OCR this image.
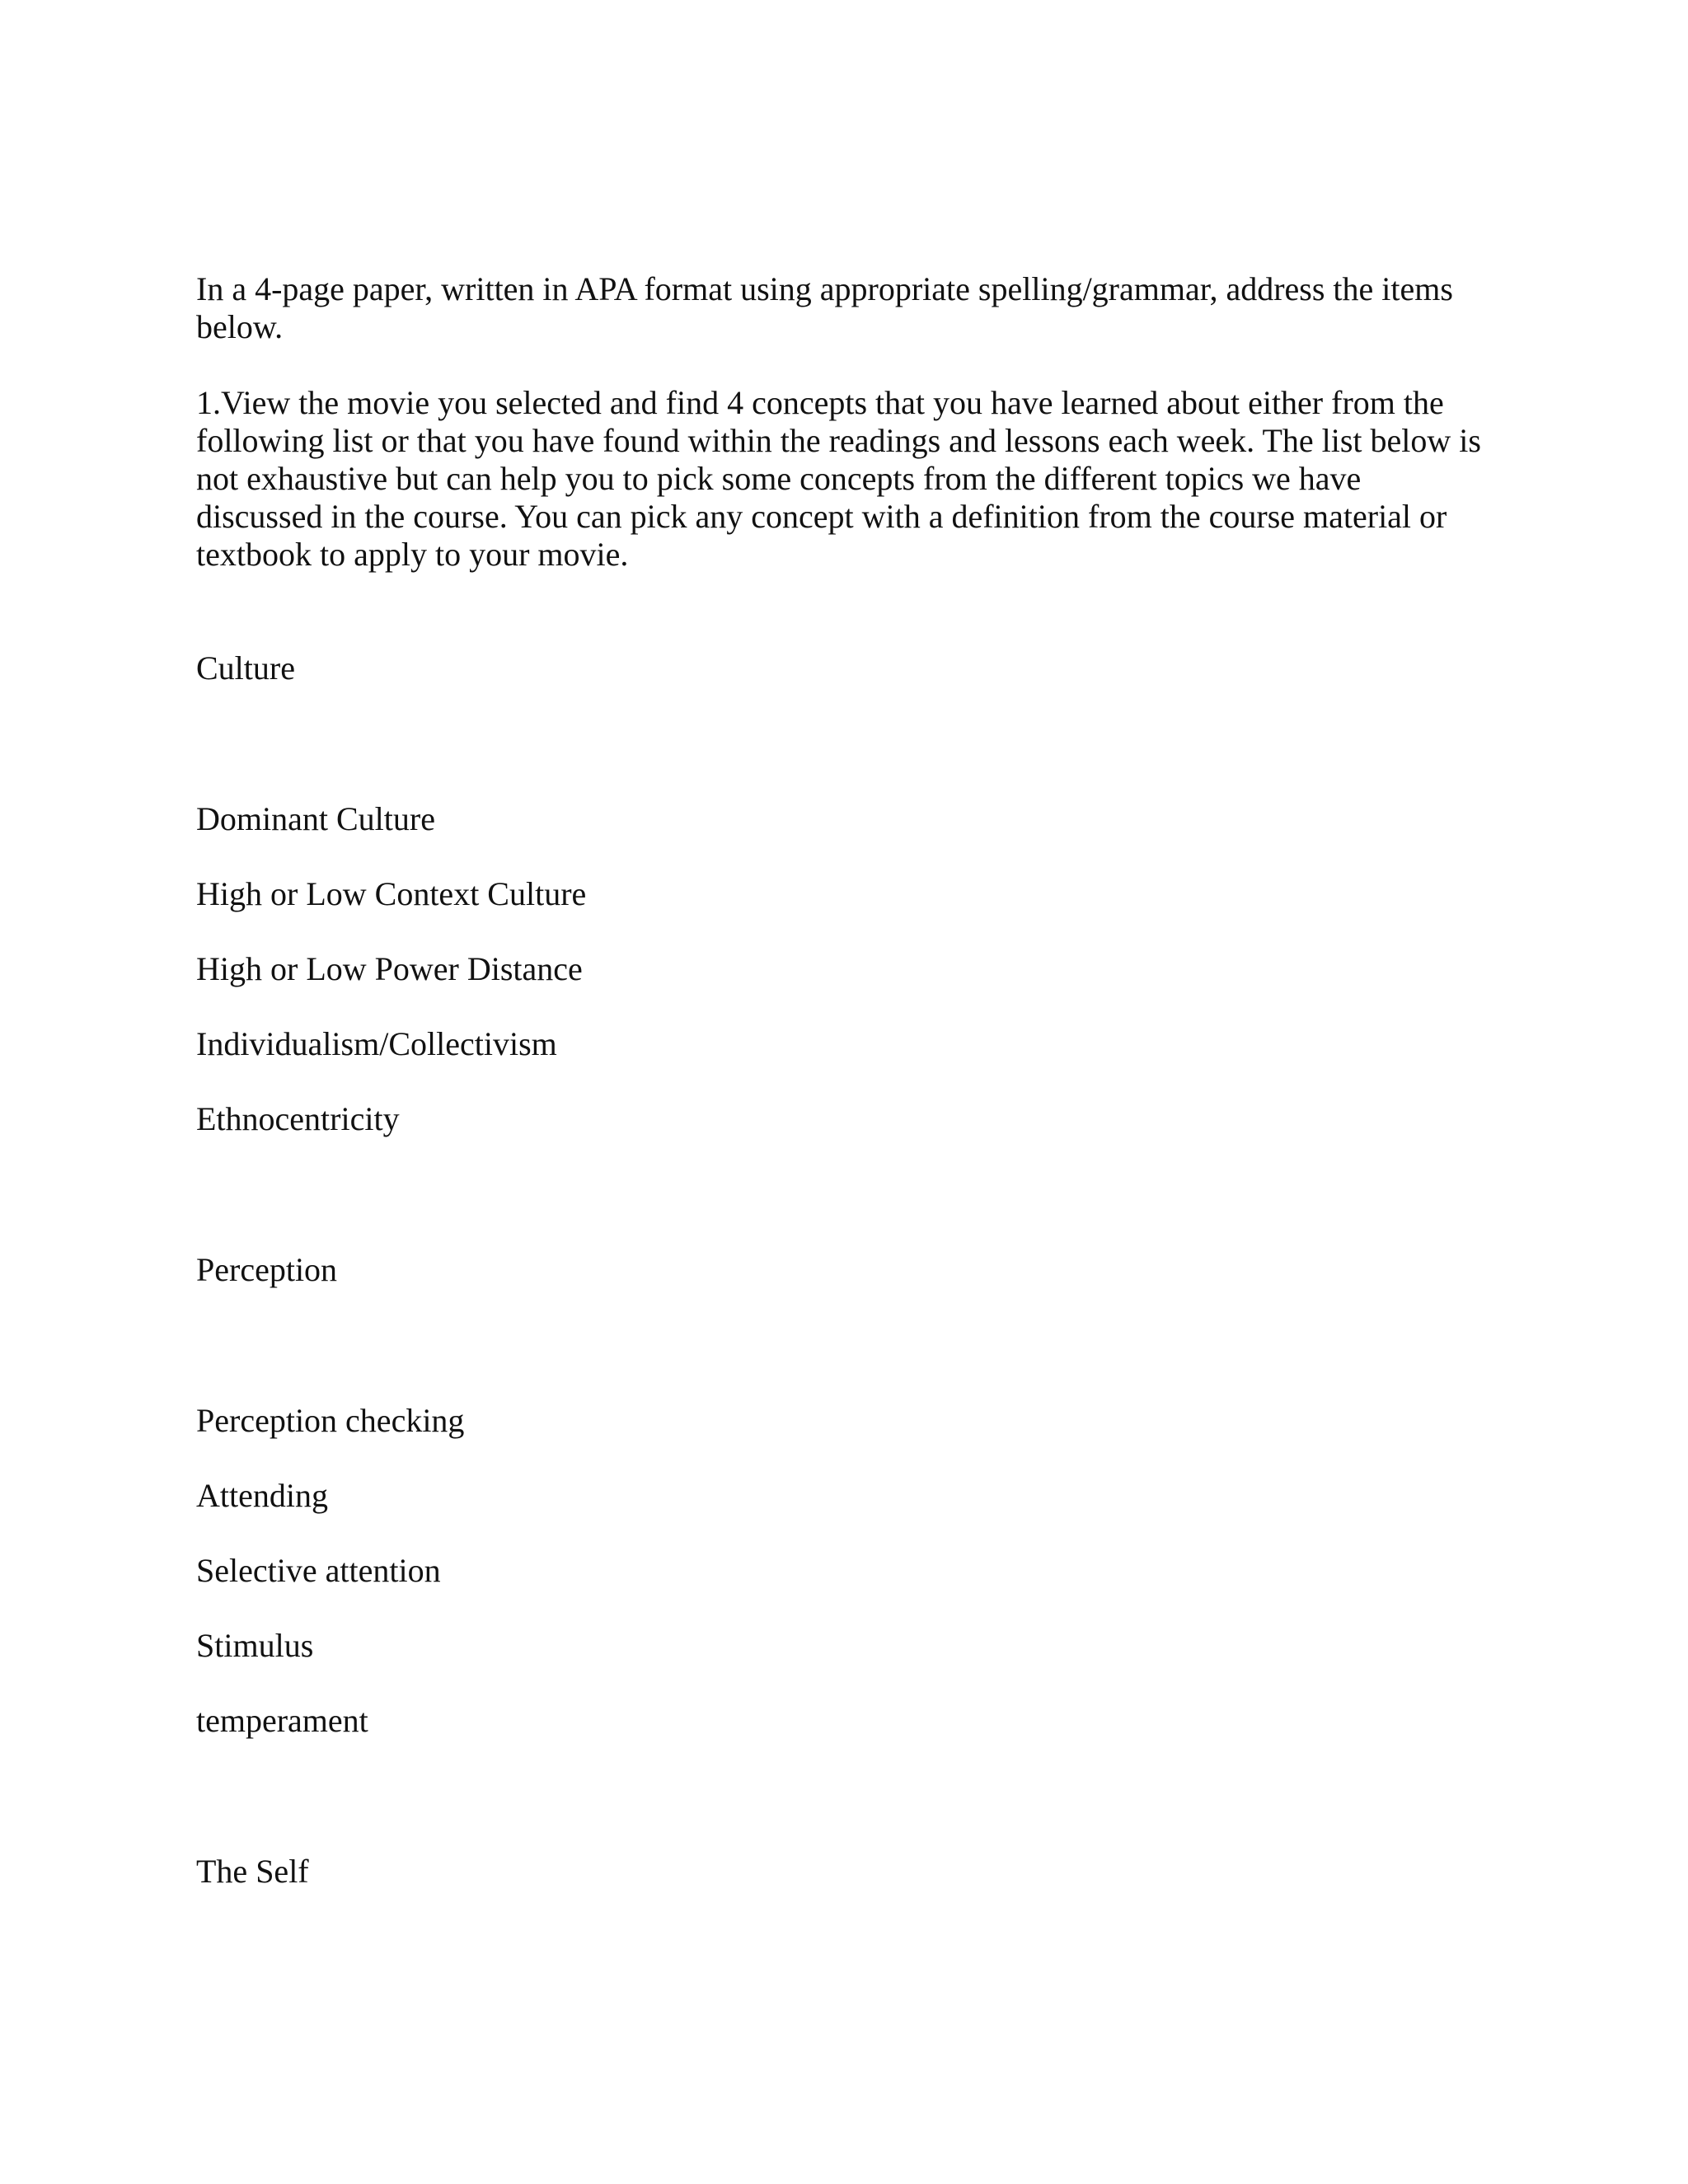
In a 4-page paper, written in APA format using appropriate spelling/grammar, address the items below.

1.View the movie you selected and find 4 concepts that you have learned about either from the following list or that you have found within the readings and lessons each week. The list below is not exhaustive but can help you to pick some concepts from the different topics we have discussed in the course. You can pick any concept with a definition from the course material or textbook to apply to your movie.

Culture

Dominant Culture

High or Low Context Culture

High or Low Power Distance

Individualism/Collectivism

Ethnocentricity

Perception

Perception checking

Attending

Selective attention

Stimulus

temperament

The Self
